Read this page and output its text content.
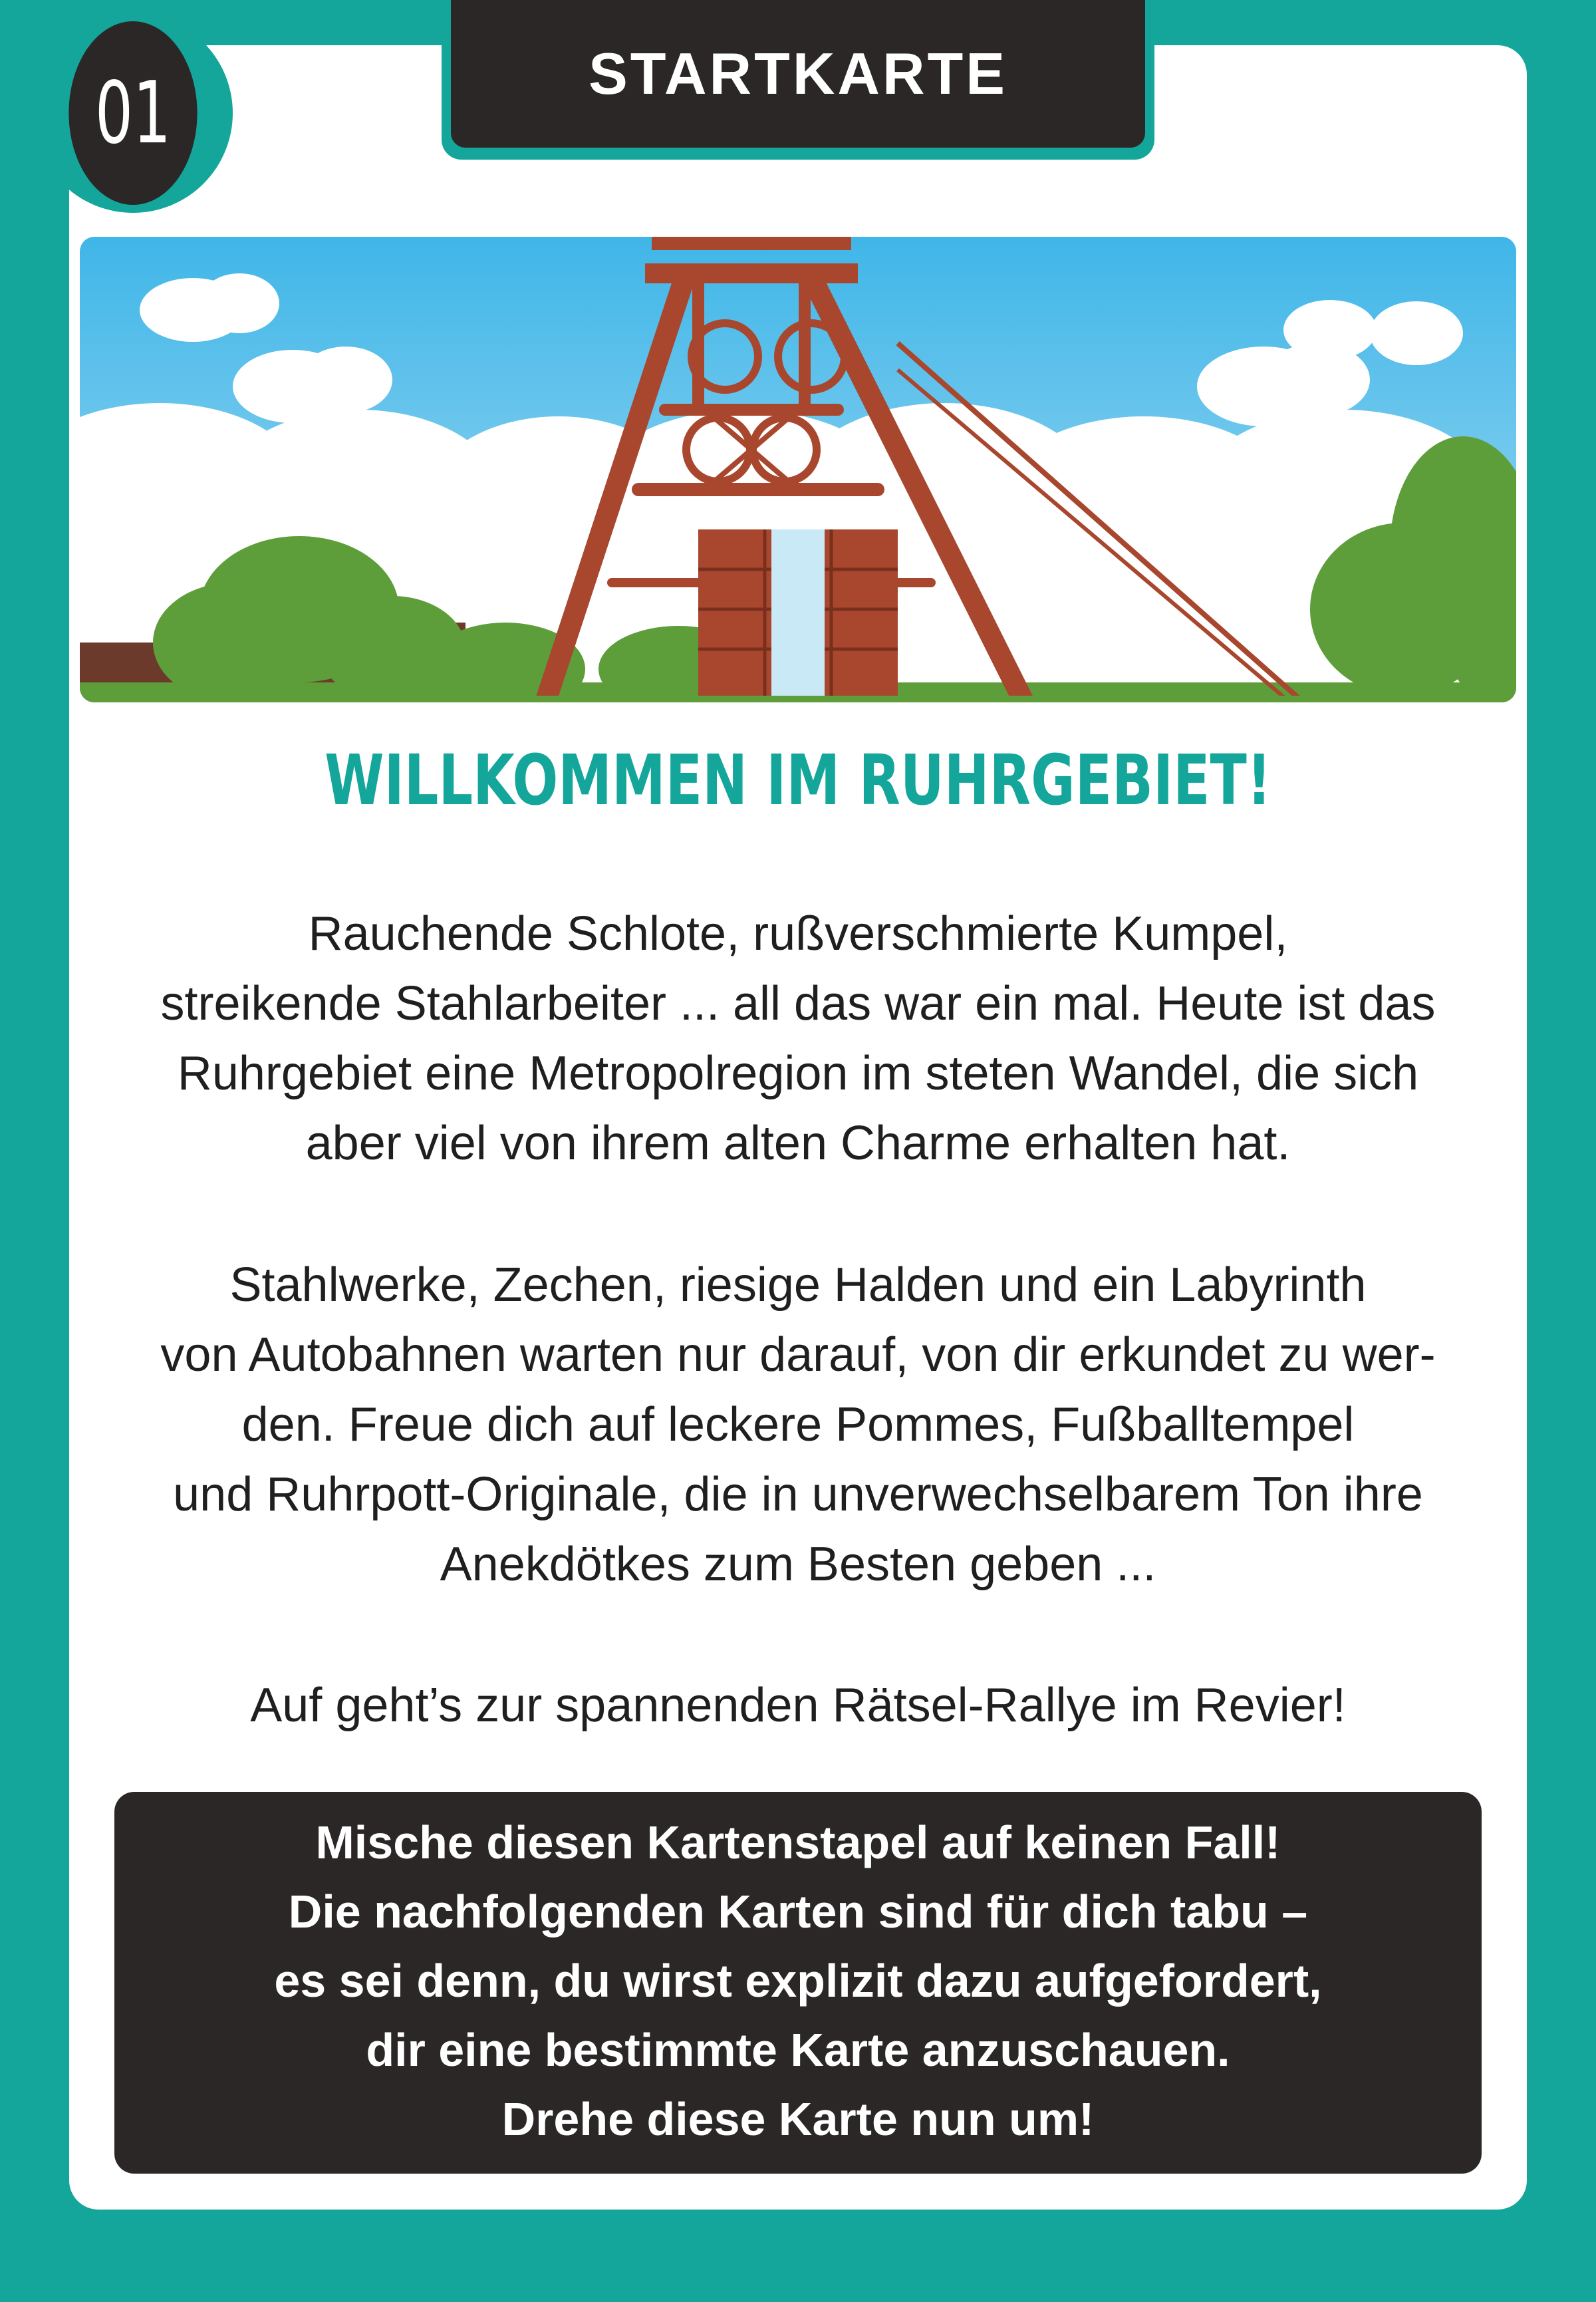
01	STARTKARTE
WILLKOMMEN IM RUHRGEBIET!

Rauchende Schlote, rußverschmierte Kumpel,
streikende Stahlarbeiter ... all das war ein mal. Heute ist das
Ruhrgebiet eine Metropolregion im steten Wandel, die sich
aber viel von ihrem alten Charme erhalten hat.

Stahlwerke, Zechen, riesige Halden und ein Labyrinth
von Autobahnen warten nur darauf, von dir erkundet zu wer-
den. Freue dich auf leckere Pommes, Fußballtempel
und Ruhrpott-Originale, die in unverwechselbarem Ton ihre
Anekdötkes zum Besten geben ...

Auf geht’s zur spannenden Rätsel-Rallye im Revier!

Mische diesen Kartenstapel auf keinen Fall!
Die nachfolgenden Karten sind für dich tabu –
es sei denn, du wirst explizit dazu aufgefordert,
dir eine bestimmte Karte anzuschauen.
Drehe diese Karte nun um!
